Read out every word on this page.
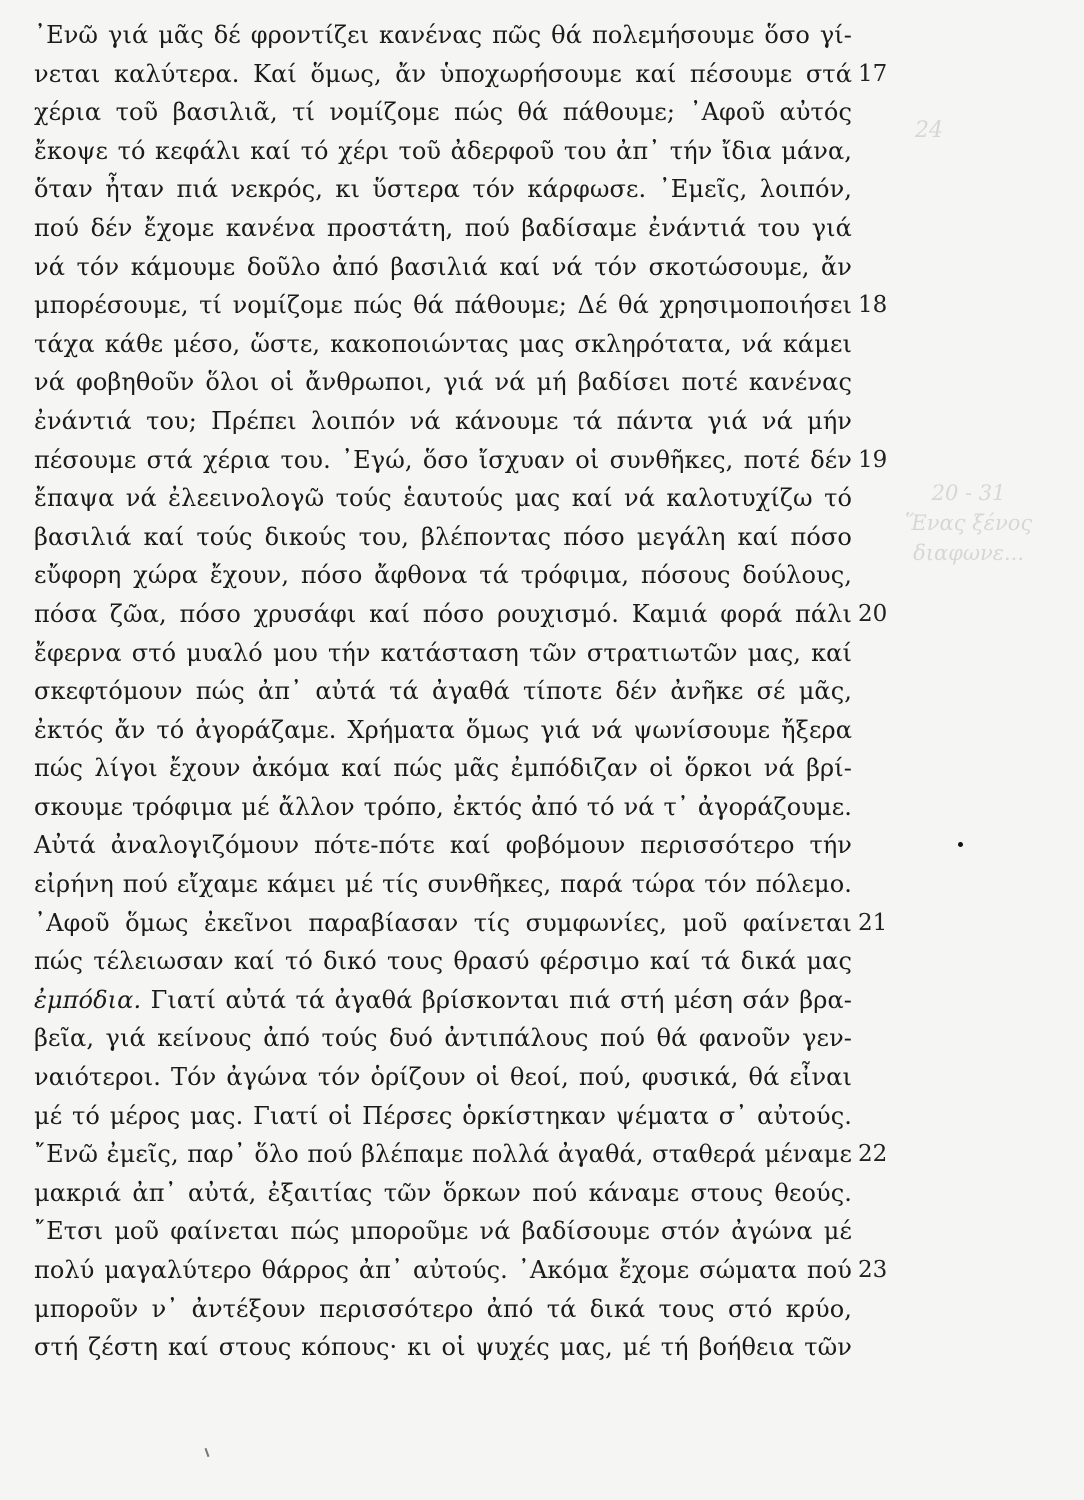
24
20 - 31
Ἕνας ξένος
διαφωνε...
᾿Ενῶ γιά μᾶς δέ φροντίζει κανένας πῶς θά πολεμήσουμε ὅσο γί-
νεται καλύτερα. Καί ὅμως, ἄν ὑποχωρήσουμε καί πέσουμε στά
χέρια τοῦ βασιλιᾶ, τί νομίζομε πώς θά πάθουμε; ᾿Αφοῦ αὐτός
ἔκοψε τό κεφάλι καί τό χέρι τοῦ ἀδερφοῦ του ἀπ᾿ τήν ἴδια μάνα,
ὅταν ἦταν πιά νεκρός, κι ὕστερα τόν κάρφωσε. ᾿Εμεῖς, λοιπόν,
πού δέν ἔχομε κανένα προστάτη, πού βαδίσαμε ἐνάντιά του γιά
νά τόν κάμουμε δοῦλο ἀπό βασιλιά καί νά τόν σκοτώσουμε, ἄν
μπορέσουμε, τί νομίζομε πώς θά πάθουμε; Δέ θά χρησιμοποιήσει
τάχα κάθε μέσο, ὥστε, κακοποιώντας μας σκληρότατα, νά κάμει
νά φοβηθοῦν ὅλοι οἱ ἄνθρωποι, γιά νά μή βαδίσει ποτέ κανένας
ἐνάντιά του; Πρέπει λοιπόν νά κάνουμε τά πάντα γιά νά μήν
πέσουμε στά χέρια του. ᾿Εγώ, ὅσο ἴσχυαν οἱ συνθῆκες, ποτέ δέν
ἔπαψα νά ἐλεεινολογῶ τούς ἑαυτούς μας καί νά καλοτυχίζω τό
βασιλιά καί τούς δικούς του, βλέποντας πόσο μεγάλη καί πόσο
εὔφορη χώρα ἔχουν, πόσο ἄφθονα τά τρόφιμα, πόσους δούλους,
πόσα ζῶα, πόσο χρυσάφι καί πόσο ρουχισμό. Καμιά φορά πάλι
ἔφερνα στό μυαλό μου τήν κατάσταση τῶν στρατιωτῶν μας, καί
σκεφτόμουν πώς ἀπ᾿ αὐτά τά ἀγαθά τίποτε δέν ἀνῆκε σέ μᾶς,
ἐκτός ἄν τό ἀγοράζαμε. Χρήματα ὅμως γιά νά ψωνίσουμε ἤξερα
πώς λίγοι ἔχουν ἀκόμα καί πώς μᾶς ἐμπόδιζαν οἱ ὅρκοι νά βρί-
σκουμε τρόφιμα μέ ἄλλον τρόπο, ἐκτός ἀπό τό νά τ᾿ ἀγοράζουμε.
Αὐτά ἀναλογιζόμουν πότε-πότε καί φοβόμουν περισσότερο τήν
εἰρήνη πού εἴχαμε κάμει μέ τίς συνθῆκες, παρά τώρα τόν πόλεμο.
᾿Αφοῦ ὅμως ἐκεῖνοι παραβίασαν τίς συμφωνίες, μοῦ φαίνεται
πώς τέλειωσαν καί τό δικό τους θρασύ φέρσιμο καί τά δικά μας
ἐμπόδια. Γιατί αὐτά τά ἀγαθά βρίσκονται πιά στή μέση σάν βρα-
βεῖα, γιά κείνους ἀπό τούς δυό ἀντιπάλους πού θά φανοῦν γεν-
ναιότεροι. Τόν ἀγώνα τόν ὁρίζουν οἱ θεοί, πού, φυσικά, θά εἶναι
μέ τό μέρος μας. Γιατί οἱ Πέρσες ὁρκίστηκαν ψέματα σ᾿ αὐτούς.
῎Ενῶ ἐμεῖς, παρ᾿ ὅλο πού βλέπαμε πολλά ἀγαθά, σταθερά μέναμε
μακριά ἀπ᾿ αὐτά, ἐξαιτίας τῶν ὅρκων πού κάναμε στους θεούς.
῎Ετσι μοῦ φαίνεται πώς μποροῦμε νά βαδίσουμε στόν ἀγώνα μέ
πολύ μαγαλύτερο θάρρος ἀπ᾿ αὐτούς. ᾿Ακόμα ἔχομε σώματα πού
μποροῦν ν᾿ ἀντέξουν περισσότερο ἀπό τά δικά τους στό κρύο,
στή ζέστη καί στους κόπους· κι οἱ ψυχές μας, μέ τή βοήθεια τῶν
17
18
19
20
21
22
23
